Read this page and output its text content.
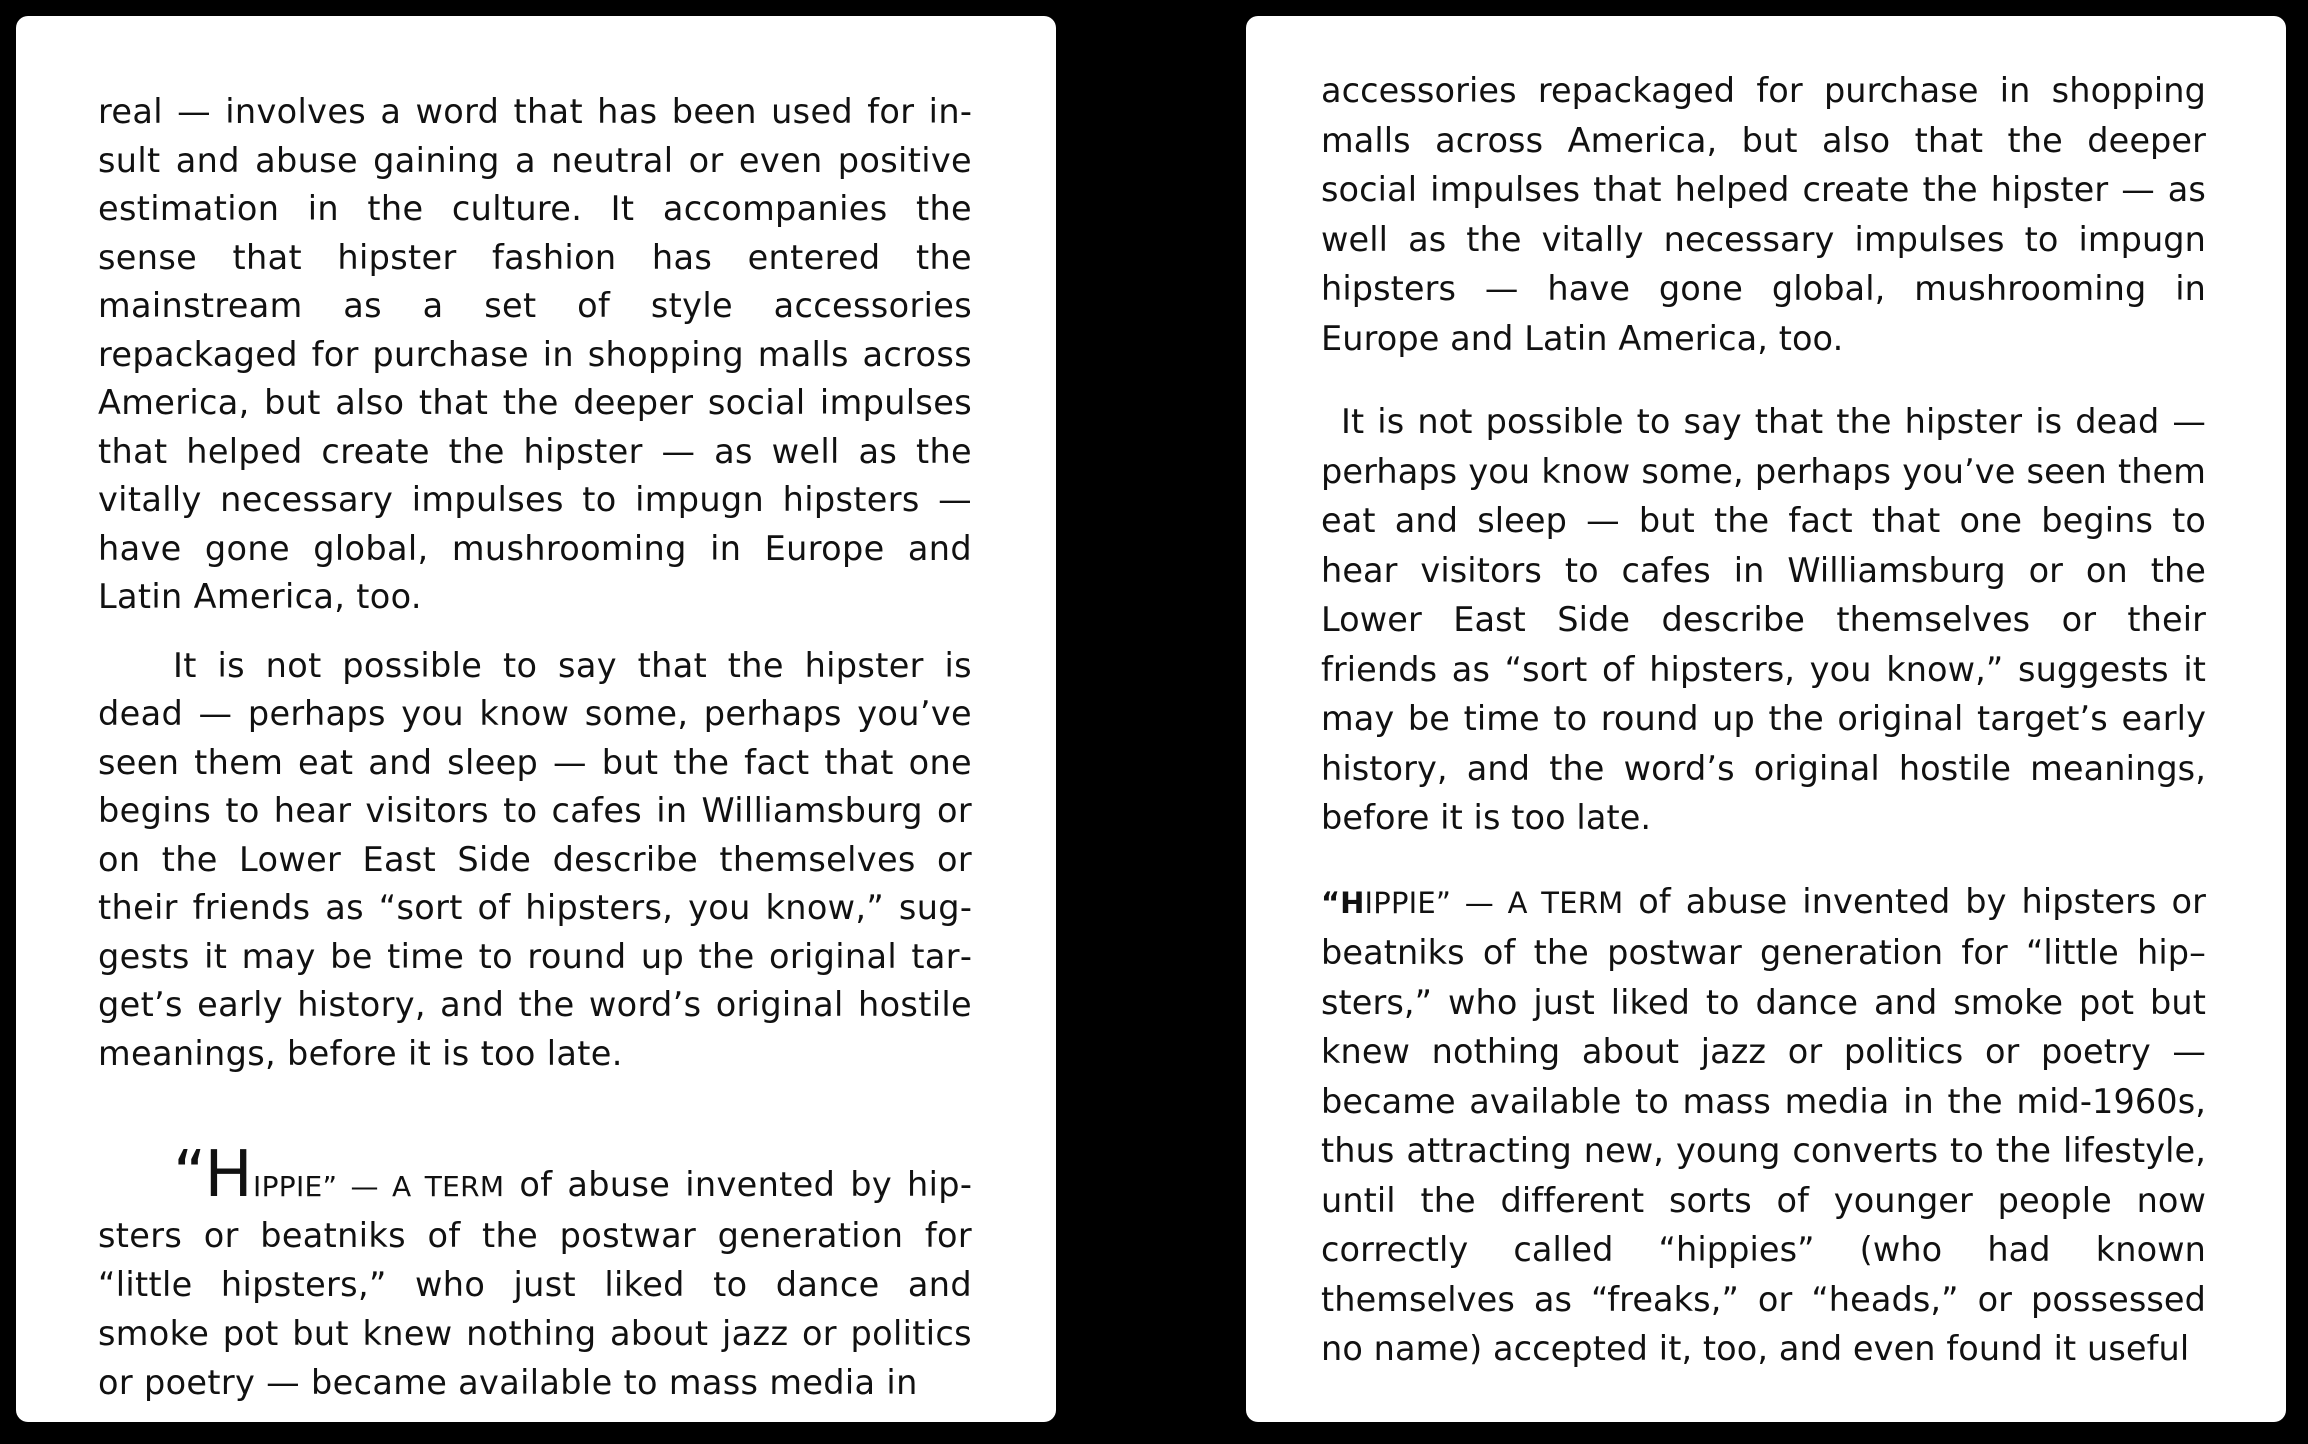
real — involves a word that has been used for insult and abuse gaining a neutral or even positive estimation in the culture. It accompanies the sense that hipster fashion has entered the mainstream as a set of style accessories repackaged for purchase in shopping malls across America, but also that the deeper social impulses that helped create the hipster — as well as the vitally necessary impulses to impugn hipsters — have gone global, mushrooming in Europe and Latin America, too.

It is not possible to say that the hipster is dead — perhaps you know some, perhaps you’ve seen them eat and sleep — but the fact that one begins to hear visitors to cafes in Williamsburg or on the Lower East Side describe themselves or their friends as “sort of hipsters, you know,” suggests it may be time to round up the original target’s early history, and the word’s original hostile meanings, before it is too late.

“HIPPIE” — A TERM of abuse invented by hipsters or beatniks of the postwar generation for “little hipsters,” who just liked to dance and smoke pot but knew nothing about jazz or politics or poetry — became available to mass media in

accessories repackaged for purchase in shopping malls across America, but also that the deeper social impulses that helped create the hipster — as well as the vitally necessary impulses to impugn hipsters — have gone global, mushrooming in Europe and Latin America, too.

It is not possible to say that the hipster is dead — perhaps you know some, perhaps you’ve seen them eat and sleep — but the fact that one begins to hear visitors to cafes in Williamsburg or on the Lower East Side describe themselves or their friends as “sort of hipsters, you know,” suggests it may be time to round up the original target’s early history, and the word’s original hostile meanings, before it is too late.

“HIPPIE” — A TERM of abuse invented by hipsters or beatniks of the postwar generation for “little hip–sters,” who just liked to dance and smoke pot but knew nothing about jazz or politics or poetry — became available to mass media in the mid-1960s, thus attracting new, young converts to the lifestyle, until the different sorts of younger people now correctly called “hippies” (who had known themselves as “freaks,” or “heads,” or possessed no name) accepted it, too, and even found it useful
